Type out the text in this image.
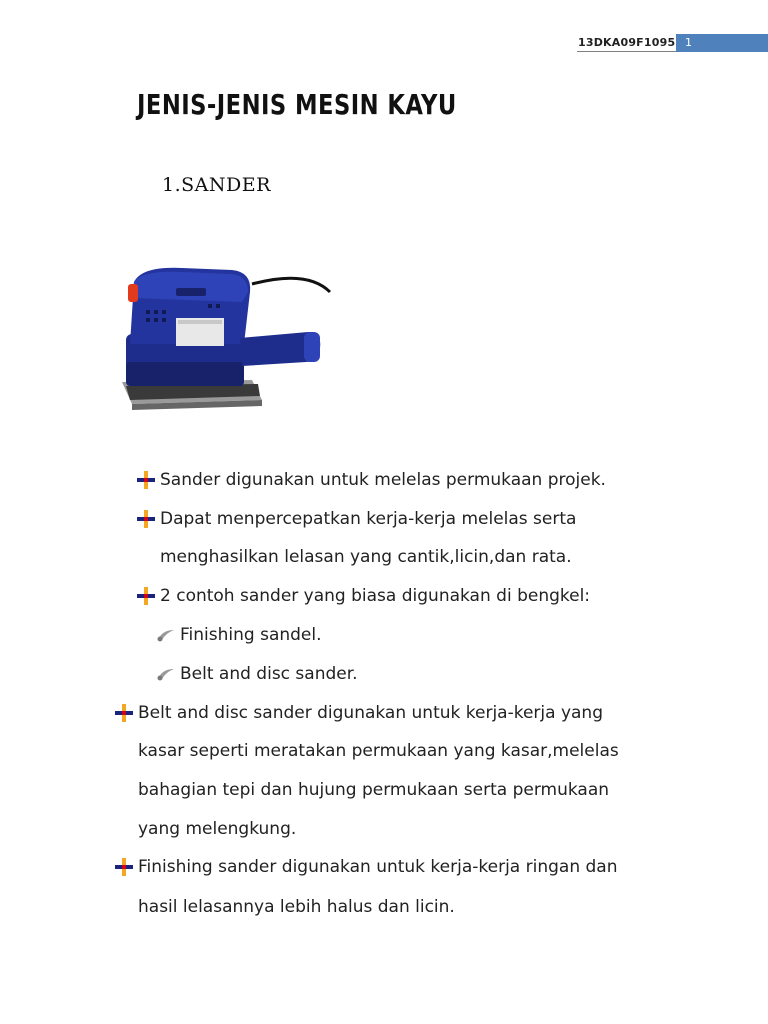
13DKA09F1095 1
JENIS-JENIS MESIN KAYU
1.SANDER
Sander digunakan untuk melelas permukaan projek.
Dapat menpercepatkan kerja-kerja melelas serta
menghasilkan lelasan yang cantik,licin,dan rata.
2 contoh sander yang biasa digunakan di bengkel:
Finishing sandel.
Belt and disc sander.
Belt and disc sander digunakan untuk kerja-kerja yang
kasar seperti meratakan permukaan yang kasar,melelas
bahagian tepi dan hujung permukaan serta permukaan
yang melengkung.
Finishing sander digunakan untuk kerja-kerja ringan dan
hasil lelasannya lebih halus dan licin.
